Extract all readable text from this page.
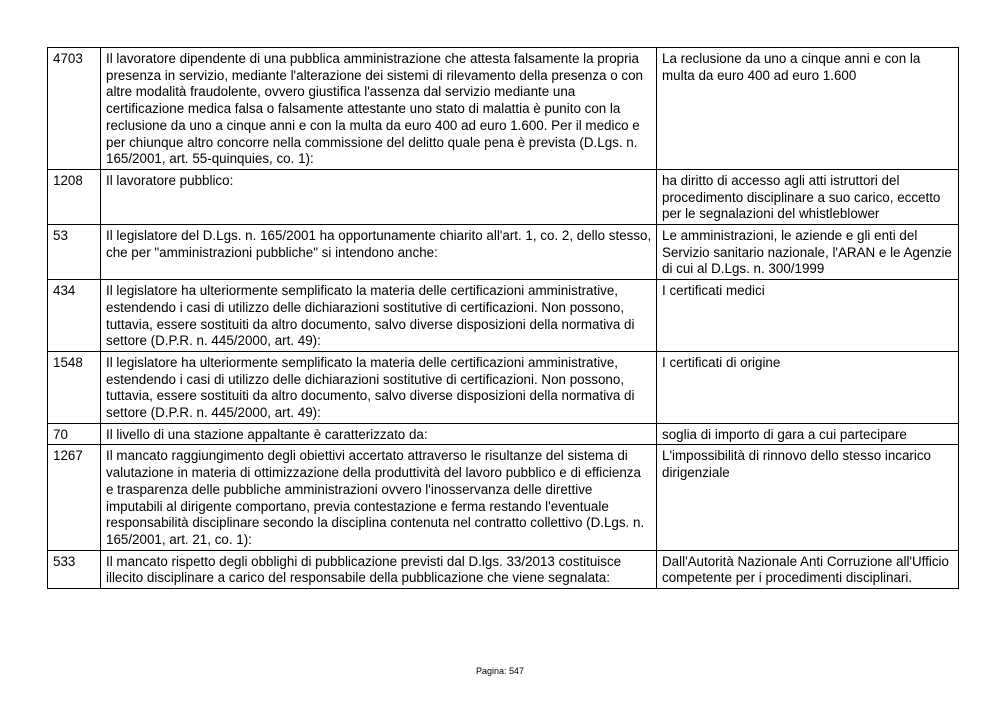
4703	Il lavoratore dipendente di una pubblica amministrazione che attesta falsamente la propria presenza in servizio, mediante l'alterazione dei sistemi di rilevamento della presenza o con altre modalità fraudolente, ovvero giustifica l'assenza dal servizio mediante una certificazione medica falsa o falsamente attestante uno stato di malattia è punito con la reclusione da uno a cinque anni e con la multa da euro 400 ad euro 1.600. Per il medico e per chiunque altro concorre nella commissione del delitto quale pena è prevista (D.Lgs. n. 165/2001, art. 55-quinquies, co. 1):	La reclusione da uno a cinque anni e con la multa da euro 400 ad euro 1.600
1208	Il lavoratore pubblico:	ha diritto di accesso agli atti istruttori del procedimento disciplinare a suo carico, eccetto per le segnalazioni del whistleblower
53	Il legislatore del D.Lgs. n. 165/2001 ha opportunamente chiarito all'art. 1, co. 2, dello stesso, che per "amministrazioni pubbliche" si intendono anche:	Le amministrazioni, le aziende e gli enti del Servizio sanitario nazionale, l'ARAN e le Agenzie di cui al D.Lgs. n. 300/1999
434	Il legislatore ha ulteriormente semplificato la materia delle certificazioni amministrative, estendendo i casi di utilizzo delle dichiarazioni sostitutive di certificazioni. Non possono, tuttavia, essere sostituiti da altro documento, salvo diverse disposizioni della normativa di settore (D.P.R. n. 445/2000, art. 49):	I certificati medici
1548	Il legislatore ha ulteriormente semplificato la materia delle certificazioni amministrative, estendendo i casi di utilizzo delle dichiarazioni sostitutive di certificazioni. Non possono, tuttavia, essere sostituiti da altro documento, salvo diverse disposizioni della normativa di settore (D.P.R. n. 445/2000, art. 49):	I certificati di origine
70	Il livello di una stazione appaltante è caratterizzato da:	soglia di importo di gara a cui partecipare
1267	Il mancato raggiungimento degli obiettivi accertato attraverso le risultanze del sistema di valutazione in materia di ottimizzazione della produttività del lavoro pubblico e di efficienza e trasparenza delle pubbliche amministrazioni ovvero l'inosservanza delle direttive imputabili al dirigente comportano, previa contestazione e ferma restando l'eventuale responsabilità disciplinare secondo la disciplina contenuta nel contratto collettivo (D.Lgs. n. 165/2001, art. 21, co. 1):	L'impossibilità di rinnovo dello stesso incarico dirigenziale
533	Il mancato rispetto degli obblighi di pubblicazione previsti dal D.lgs. 33/2013 costituisce illecito disciplinare a carico del responsabile della pubblicazione che viene segnalata:	Dall'Autorità Nazionale Anti Corruzione all'Ufficio competente per i procedimenti disciplinari.
Pagina: 547
